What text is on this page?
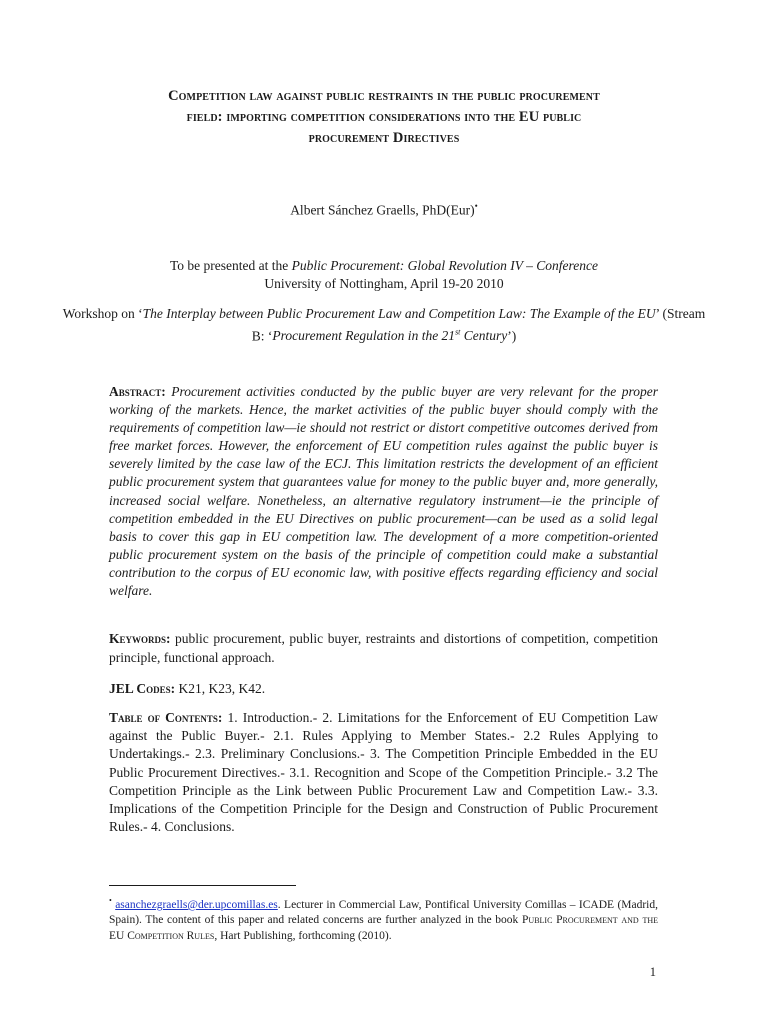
Competition law against public restraints in the public procurement
field: importing competition considerations into the EU public
procurement Directives
Albert Sánchez Graells, PhD(Eur)•
To be presented at the Public Procurement: Global Revolution IV – Conference
University of Nottingham, April 19-20 2010
Workshop on ‘The Interplay between Public Procurement Law and Competition Law: The Example of the EU’ (Stream B: ‘Procurement Regulation in the 21st Century’)
Abstract: Procurement activities conducted by the public buyer are very relevant for the proper working of the markets. Hence, the market activities of the public buyer should comply with the requirements of competition law—ie should not restrict or distort competitive outcomes derived from free market forces. However, the enforcement of EU competition rules against the public buyer is severely limited by the case law of the ECJ. This limitation restricts the development of an efficient public procurement system that guarantees value for money to the public buyer and, more generally, increased social welfare. Nonetheless, an alternative regulatory instrument—ie the principle of competition embedded in the EU Directives on public procurement—can be used as a solid legal basis to cover this gap in EU competition law. The development of a more competition-oriented public procurement system on the basis of the principle of competition could make a substantial contribution to the corpus of EU economic law, with positive effects regarding efficiency and social welfare.
Keywords: public procurement, public buyer, restraints and distortions of competition, competition principle, functional approach.
JEL Codes: K21, K23, K42.
Table of Contents: 1. Introduction.- 2. Limitations for the Enforcement of EU Competition Law against the Public Buyer.- 2.1. Rules Applying to Member States.- 2.2 Rules Applying to Undertakings.- 2.3. Preliminary Conclusions.- 3. The Competition Principle Embedded in the EU Public Procurement Directives.- 3.1. Recognition and Scope of the Competition Principle.- 3.2 The Competition Principle as the Link between Public Procurement Law and Competition Law.- 3.3. Implications of the Competition Principle for the Design and Construction of Public Procurement Rules.- 4. Conclusions.
• asanchezgraells@der.upcomillas.es. Lecturer in Commercial Law, Pontifical University Comillas – ICADE (Madrid, Spain). The content of this paper and related concerns are further analyzed in the book Public Procurement and the EU Competition Rules, Hart Publishing, forthcoming (2010).
1
